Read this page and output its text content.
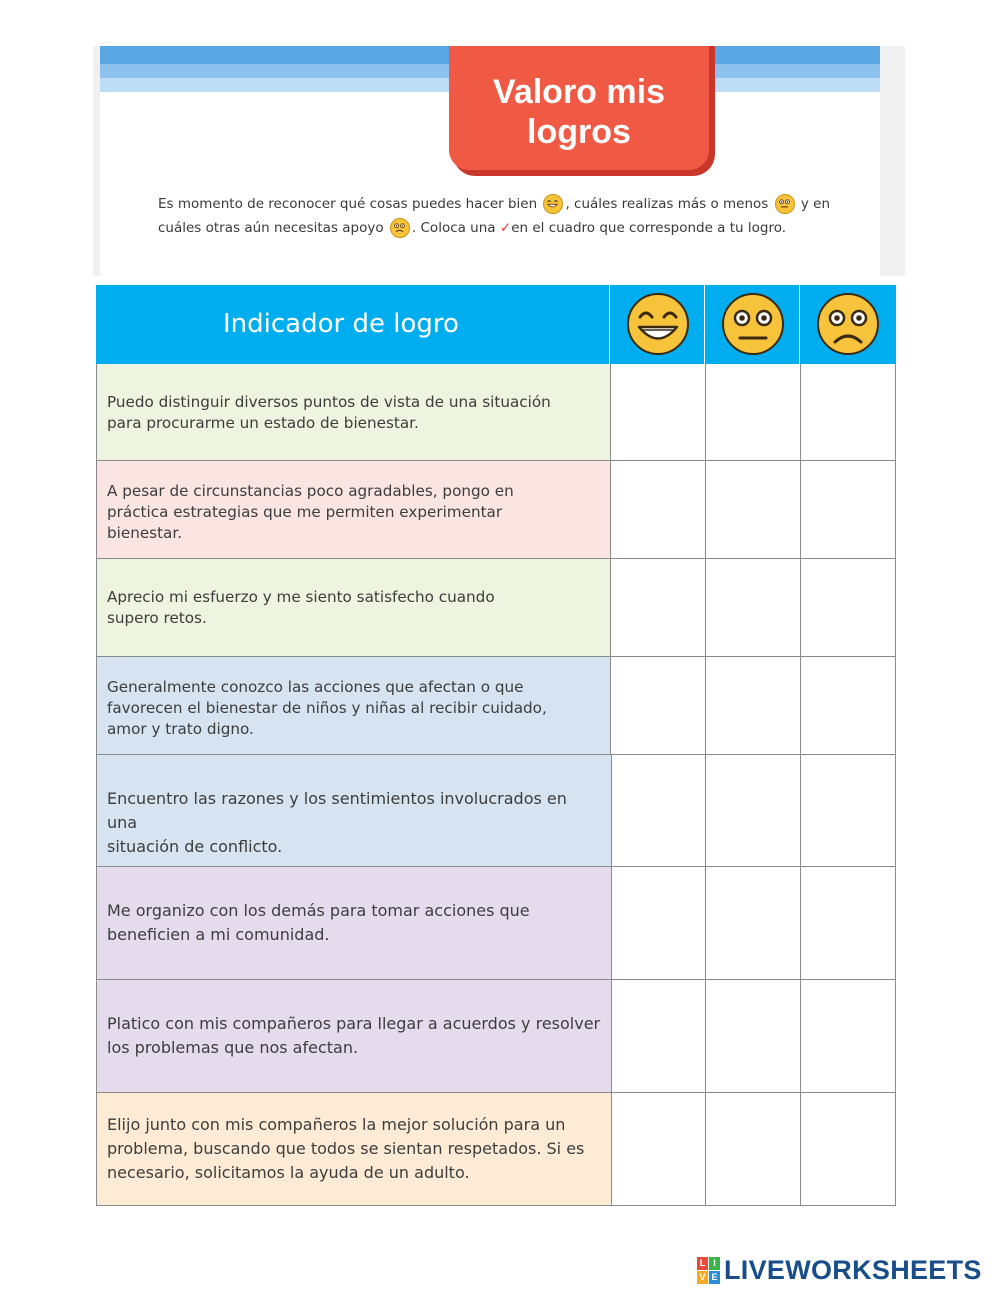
Valoro mis
logros
Es momento de reconocer qué cosas puedes hacer bien , cuáles realizas más o menos
y en
cuáles otras aún necesitas apoyo . Coloca una ✓en el cuadro que corresponde a tu logro.
Indicador de logro
Puedo distinguir diversos puntos de vista de una situación
para procurarme un estado de bienestar.
A pesar de circunstancias poco agradables, pongo en
práctica estrategias que me permiten experimentar
bienestar.
Aprecio mi esfuerzo y me siento satisfecho cuando
supero retos.
Generalmente conozco las acciones que afectan o que
favorecen el bienestar de niños y niñas al recibir cuidado,
amor y trato digno.
Encuentro las razones y los sentimientos involucrados en una
situación de conflicto.
Me organizo con los demás para tomar acciones que
beneficien a mi comunidad.
Platico con mis compañeros para llegar a acuerdos y resolver
los problemas que nos afectan.
Elijo junto con mis compañeros la mejor solución para un
problema, buscando que todos se sientan respetados. Si es
necesario, solicitamos la ayuda de un adulto.
L I
V E LIVEWORKSHEETS
